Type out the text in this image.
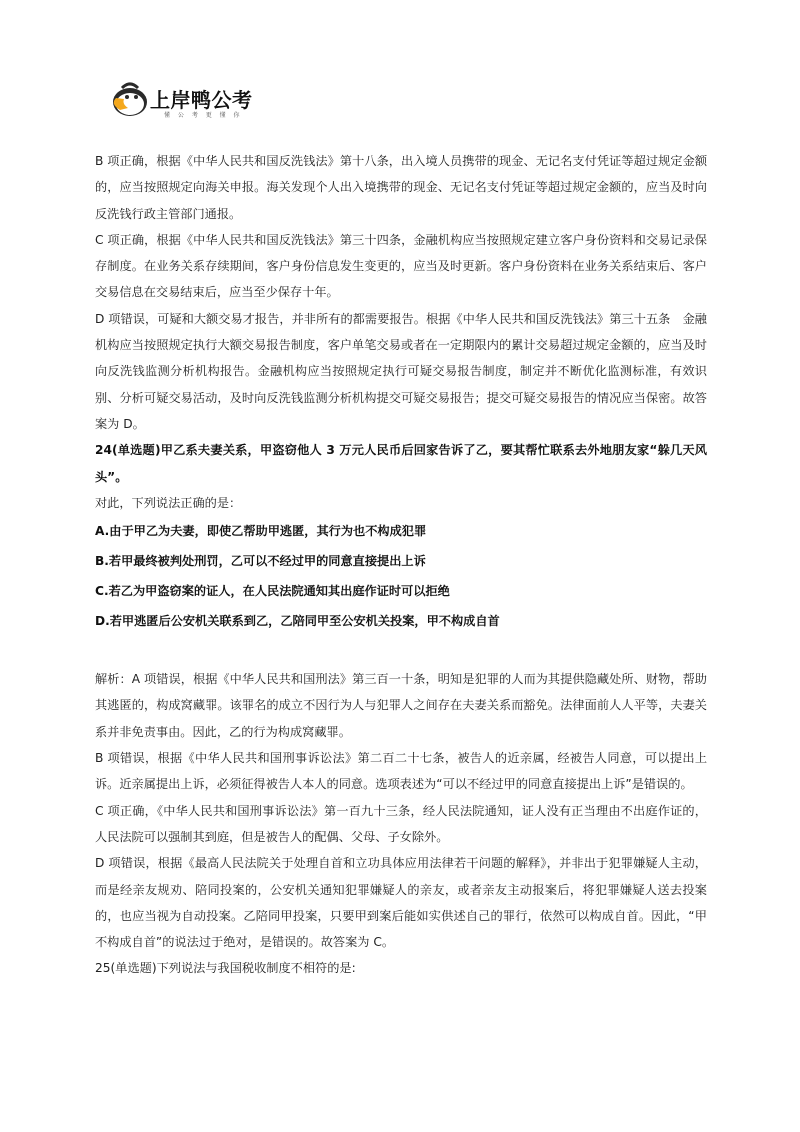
上岸鸭公考
懂 公 考 更 懂 你

B 项正确，根据《中华人民共和国反洗钱法》第十八条，出入境人员携带的现金、无记名支付凭证等超过规定金额的，应当按照规定向海关申报。海关发现个人出入境携带的现金、无记名支付凭证等超过规定金额的，应当及时向反洗钱行政主管部门通报。

C 项正确，根据《中华人民共和国反洗钱法》第三十四条，金融机构应当按照规定建立客户身份资料和交易记录保存制度。在业务关系存续期间，客户身份信息发生变更的，应当及时更新。客户身份资料在业务关系结束后、客户交易信息在交易结束后，应当至少保存十年。

D 项错误，可疑和大额交易才报告，并非所有的都需要报告。根据《中华人民共和国反洗钱法》第三十五条　金融机构应当按照规定执行大额交易报告制度，客户单笔交易或者在一定期限内的累计交易超过规定金额的，应当及时向反洗钱监测分析机构报告。金融机构应当按照规定执行可疑交易报告制度，制定并不断优化监测标准，有效识别、分析可疑交易活动，及时向反洗钱监测分析机构提交可疑交易报告；提交可疑交易报告的情况应当保密。故答案为 D。

24(单选题)甲乙系夫妻关系，甲盗窃他人 3 万元人民币后回家告诉了乙，要其帮忙联系去外地朋友家“躲几天风头”。
对此，下列说法正确的是：

A.由于甲乙为夫妻，即使乙帮助甲逃匿，其行为也不构成犯罪

B.若甲最终被判处刑罚，乙可以不经过甲的同意直接提出上诉

C.若乙为甲盗窃案的证人，在人民法院通知其出庭作证时可以拒绝

D.若甲逃匿后公安机关联系到乙，乙陪同甲至公安机关投案，甲不构成自首

解析：A 项错误，根据《中华人民共和国刑法》第三百一十条，明知是犯罪的人而为其提供隐藏处所、财物，帮助其逃匿的，构成窝藏罪。该罪名的成立不因行为人与犯罪人之间存在夫妻关系而豁免。法律面前人人平等，夫妻关系并非免责事由。因此，乙的行为构成窝藏罪。

B 项错误，根据《中华人民共和国刑事诉讼法》第二百二十七条，被告人的近亲属，经被告人同意，可以提出上诉。近亲属提出上诉，必须征得被告人本人的同意。选项表述为“可以不经过甲的同意直接提出上诉”是错误的。

C 项正确，《中华人民共和国刑事诉讼法》第一百九十三条，经人民法院通知，证人没有正当理由不出庭作证的，人民法院可以强制其到庭，但是被告人的配偶、父母、子女除外。

D 项错误，根据《最高人民法院关于处理自首和立功具体应用法律若干问题的解释》，并非出于犯罪嫌疑人主动，而是经亲友规劝、陪同投案的，公安机关通知犯罪嫌疑人的亲友，或者亲友主动报案后，将犯罪嫌疑人送去投案的，也应当视为自动投案。乙陪同甲投案，只要甲到案后能如实供述自己的罪行，依然可以构成自首。因此，“甲不构成自首”的说法过于绝对，是错误的。故答案为 C。

25(单选题)下列说法与我国税收制度不相符的是:
